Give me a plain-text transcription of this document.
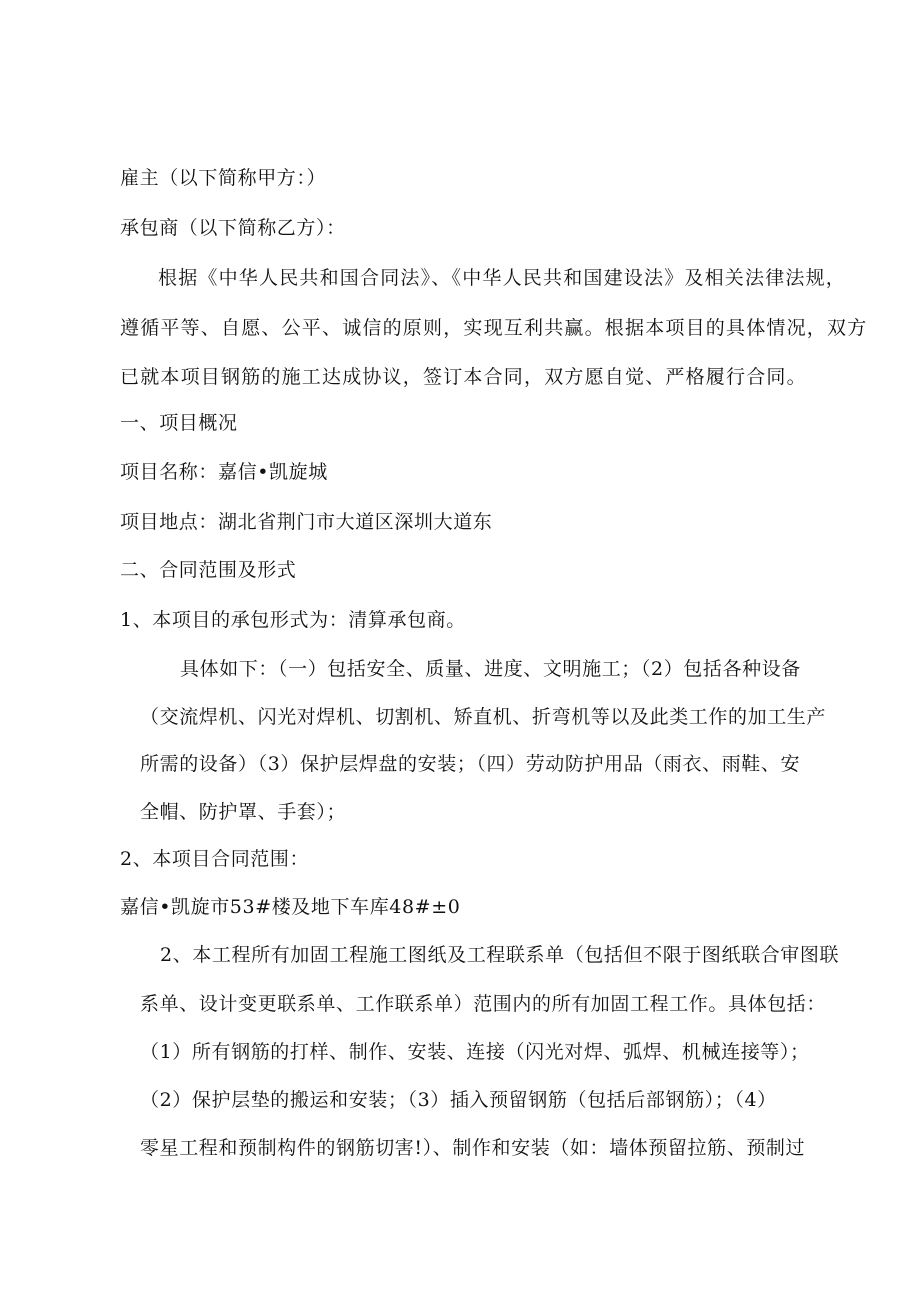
雇主（以下简称甲方：）
承包商（以下简称乙方）：
根据《中华人民共和国合同法》、《中华人民共和国建设法》及相关法律法规，
遵循平等、自愿、公平、诚信的原则，实现互利共赢。根据本项目的具体情况，双方
已就本项目钢筋的施工达成协议，签订本合同，双方愿自觉、严格履行合同。
一、项目概况
项目名称：嘉信•凯旋城
项目地点：湖北省荆门市大道区深圳大道东
二、合同范围及形式
1、本项目的承包形式为：清算承包商。
具体如下：（一）包括安全、质量、进度、文明施工；（2）包括各种设备
（交流焊机、闪光对焊机、切割机、矫直机、折弯机等以及此类工作的加工生产
所需的设备）（3）保护层焊盘的安装；（四）劳动防护用品（雨衣、雨鞋、安
全帽、防护罩、手套）；
2、本项目合同范围：
嘉信•凯旋市53#楼及地下车库48#±0
2、本工程所有加固工程施工图纸及工程联系单（包括但不限于图纸联合审图联
系单、设计变更联系单、工作联系单）范围内的所有加固工程工作。具体包括：
（1）所有钢筋的打样、制作、安装、连接（闪光对焊、弧焊、机械连接等）；
（2）保护层垫的搬运和安装；（3）插入预留钢筋（包括后部钢筋）；（4）
零星工程和预制构件的钢筋切害!）、制作和安装（如：墙体预留拉筋、预制过
